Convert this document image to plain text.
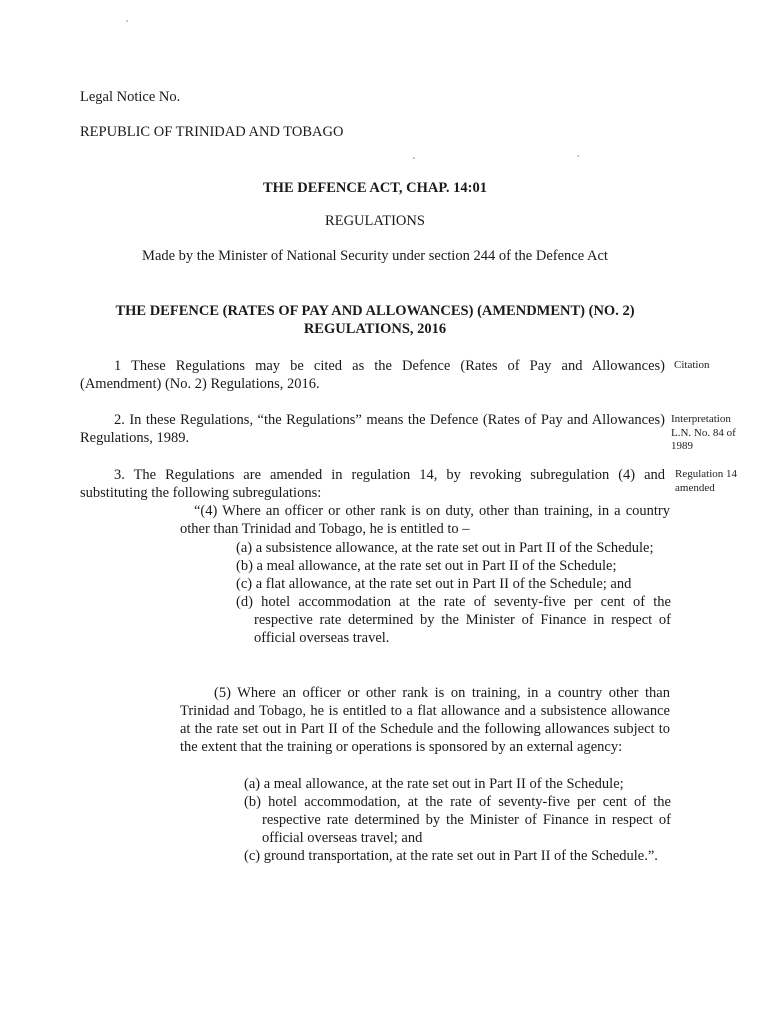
Legal Notice No.

REPUBLIC OF TRINIDAD AND TOBAGO

THE DEFENCE ACT, CHAP. 14:01

REGULATIONS

Made by the Minister of National Security under section 244 of the Defence Act

THE DEFENCE (RATES OF PAY AND ALLOWANCES) (AMENDMENT) (NO. 2)
REGULATIONS, 2016

1 These Regulations may be cited as the Defence (Rates of Pay and Allowances) (Amendment) (No. 2) Regulations, 2016.

Citation

2. In these Regulations, “the Regulations” means the Defence (Rates of Pay and Allowances) Regulations, 1989.

Interpretation
L.N. No. 84 of 1989

3. The Regulations are amended in regulation 14, by revoking subregulation (4) and substituting the following subregulations:

Regulation 14 amended

“(4) Where an officer or other rank is on duty, other than training, in a country other than Trinidad and Tobago, he is entitled to –

(a) a subsistence allowance, at the rate set out in Part II of the Schedule;
(b) a meal allowance, at the rate set out in Part II of the Schedule;
(c) a flat allowance, at the rate set out in Part II of the Schedule; and
(d) hotel accommodation at the rate of seventy-five per cent of the respective rate determined by the Minister of Finance in respect of official overseas travel.

(5) Where an officer or other rank is on training, in a country other than Trinidad and Tobago, he is entitled to a flat allowance and a subsistence allowance at the rate set out in Part II of the Schedule and the following allowances subject to the extent that the training or operations is sponsored by an external agency:

(a) a meal allowance, at the rate set out in Part II of the Schedule;
(b) hotel accommodation, at the rate of seventy-five per cent of the respective rate determined by the Minister of Finance in respect of official overseas travel; and
(c) ground transportation, at the rate set out in Part II of the Schedule.”.
